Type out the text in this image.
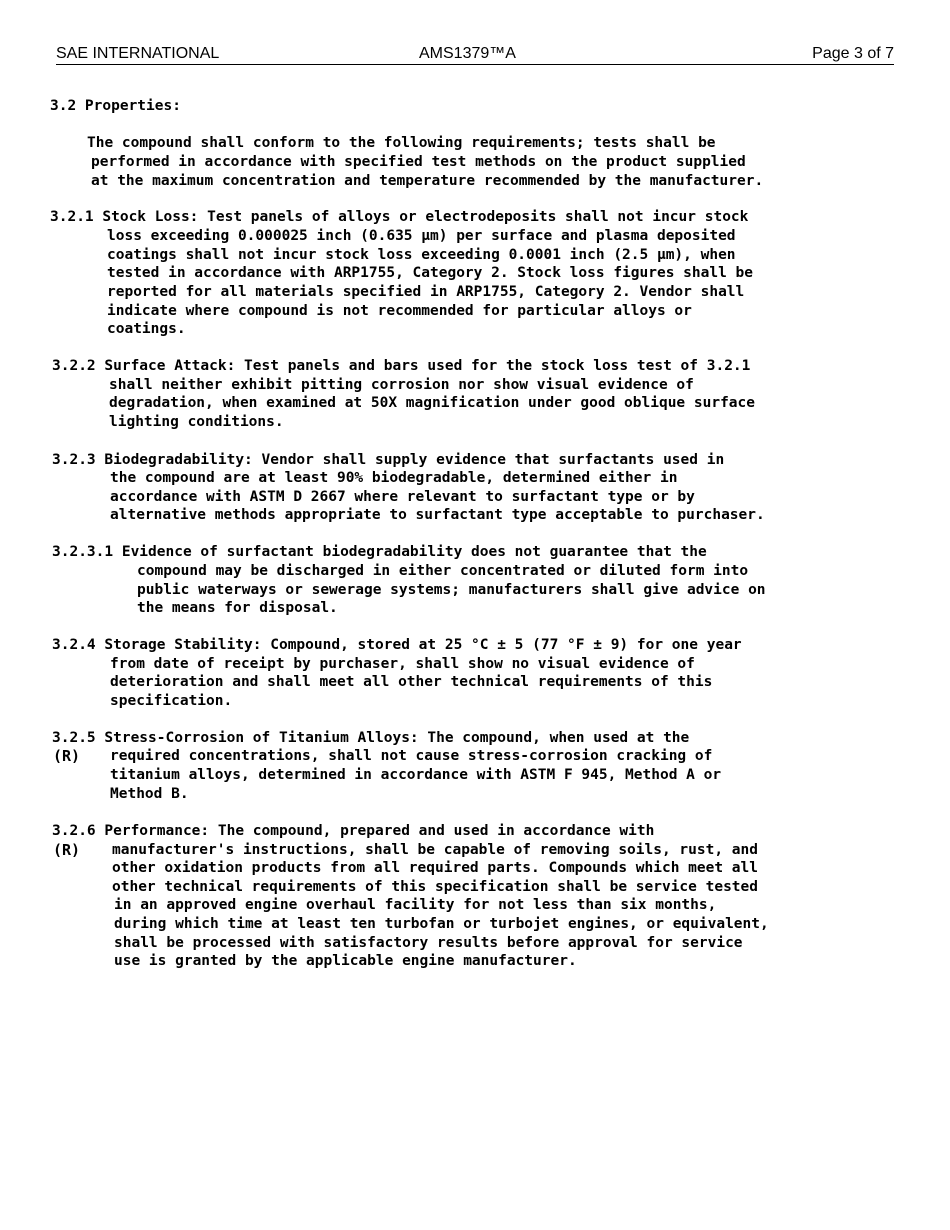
SAE INTERNATIONAL	AMS1379™A	Page 3 of 7

3.2 Properties:

The compound shall conform to the following requirements; tests shall be

performed in accordance with specified test methods on the product supplied

at the maximum concentration and temperature recommended by the manufacturer.

3.2.1 Stock Loss: Test panels of alloys or electrodeposits shall not incur stock

loss exceeding 0.000025 inch (0.635 µm) per surface and plasma deposited

coatings shall not incur stock loss exceeding 0.0001 inch (2.5 µm), when

tested in accordance with ARP1755, Category 2. Stock loss figures shall be

reported for all materials specified in ARP1755, Category 2. Vendor shall

indicate where compound is not recommended for particular alloys or

coatings.

3.2.2 Surface Attack: Test panels and bars used for the stock loss test of 3.2.1

shall neither exhibit pitting corrosion nor show visual evidence of

degradation, when examined at 50X magnification under good oblique surface

lighting conditions.

3.2.3 Biodegradability: Vendor shall supply evidence that surfactants used in

the compound are at least 90% biodegradable, determined either in

accordance with ASTM D 2667 where relevant to surfactant type or by

alternative methods appropriate to surfactant type acceptable to purchaser.

3.2.3.1 Evidence of surfactant biodegradability does not guarantee that the

compound may be discharged in either concentrated or diluted form into

public waterways or sewerage systems; manufacturers shall give advice on

the means for disposal.

3.2.4 Storage Stability: Compound, stored at 25 °C ± 5 (77 °F ± 9) for one year

from date of receipt by purchaser, shall show no visual evidence of

deterioration and shall meet all other technical requirements of this

specification.

3.2.5 Stress-Corrosion of Titanium Alloys: The compound, when used at the

(R) required concentrations, shall not cause stress-corrosion cracking of

titanium alloys, determined in accordance with ASTM F 945, Method A or

Method B.

3.2.6 Performance: The compound, prepared and used in accordance with

(R) manufacturer's instructions, shall be capable of removing soils, rust, and

other oxidation products from all required parts. Compounds which meet all

other technical requirements of this specification shall be service tested

in an approved engine overhaul facility for not less than six months,

during which time at least ten turbofan or turbojet engines, or equivalent,

shall be processed with satisfactory results before approval for service

use is granted by the applicable engine manufacturer.
